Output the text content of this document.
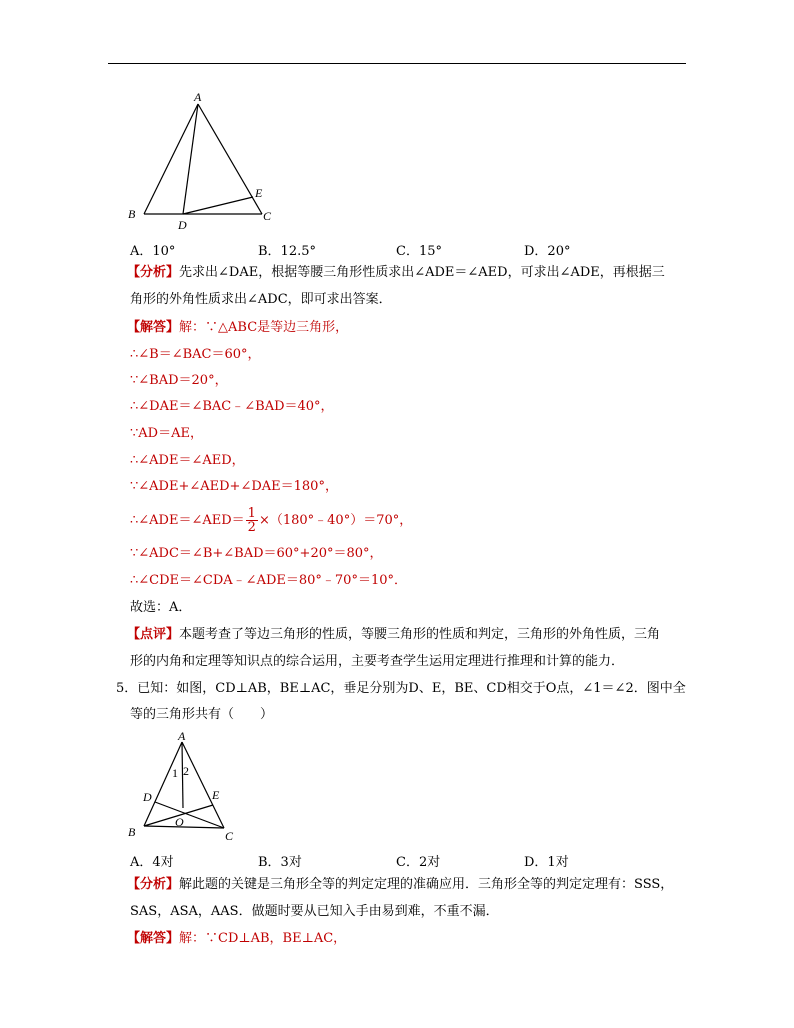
A
B	C
D
E
A．10°	B．12.5°	C．15°	D．20°
【分析】先求出∠DAE，根据等腰三角形性质求出∠ADE＝∠AED，可求出∠ADE，再根据三
角形的外角性质求出∠ADC，即可求出答案．
【解答】解：∵△ABC是等边三角形，
∴∠B＝∠BAC＝60°，
∵∠BAD＝20°，
∴∠DAE＝∠BAC﹣∠BAD＝40°，
∵AD＝AE，
∴∠ADE＝∠AED，
∵∠ADE+∠AED+∠DAE＝180°，
∴∠ADE＝∠AED＝ $\frac{1}{2}$ ×（180°﹣40°）＝70°，
∵∠ADC＝∠B+∠BAD＝60°+20°＝80°，
∴∠CDE＝∠CDA﹣∠ADE＝80°﹣70°＝10°．
故选：A．
【点评】本题考查了等边三角形的性质，等腰三角形的性质和判定，三角形的外角性质，三角
形的内角和定理等知识点的综合运用，主要考查学生运用定理进行推理和计算的能力．
5．已知：如图，CD⊥AB，BE⊥AC，垂足分别为D、E，BE、CD相交于O点，∠1＝∠2．图中全
等的三角形共有（　　）
A
B	C
D	E
O
1 2
A．4对	B．3对	C．2对	D．1对
【分析】解此题的关键是三角形全等的判定定理的准确应用．三角形全等的判定定理有：SSS，
SAS，ASA，AAS．做题时要从已知入手由易到难，不重不漏．
【解答】解：∵CD⊥AB，BE⊥AC，
